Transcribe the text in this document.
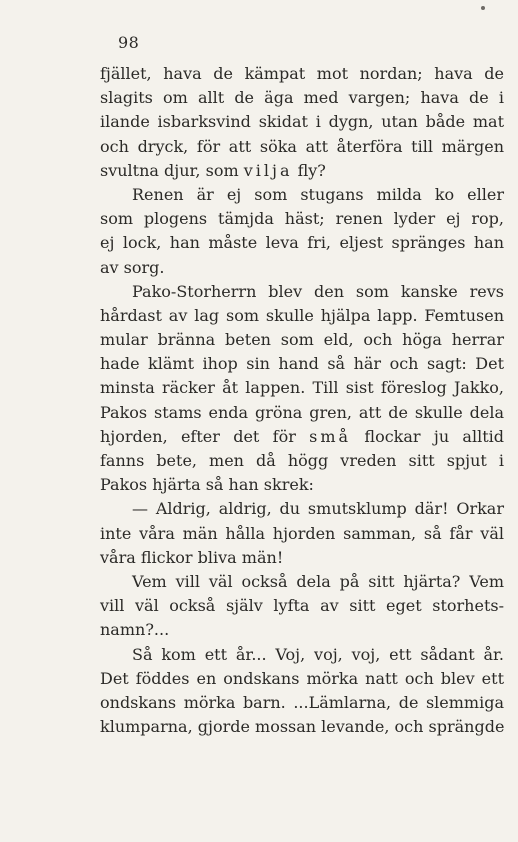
98
fjället, hava de kämpat mot nordan; hava de
slagits om allt de äga med vargen; hava de i
ilande isbarksvind skidat i dygn, utan både mat
och dryck, för att söka att återföra till märgen
svultna djur, som vilja fly?
Renen är ej som stugans milda ko eller
som plogens tämjda häst; renen lyder ej rop,
ej lock, han måste leva fri, eljest spränges han
av sorg.
Pako-Storherrn blev den som kanske revs
hårdast av lag som skulle hjälpa lapp. Femtusen
mular bränna beten som eld, och höga herrar
hade klämt ihop sin hand så här och sagt: Det
minsta räcker åt lappen. Till sist föreslog Jakko,
Pakos stams enda gröna gren, att de skulle dela
hjorden, efter det för små flockar ju alltid
fanns bete, men då högg vreden sitt spjut i
Pakos hjärta så han skrek:
— Aldrig, aldrig, du smutsklump där! Orkar
inte våra män hålla hjorden samman, så får väl
våra flickor bliva män!
Vem vill väl också dela på sitt hjärta? Vem
vill väl också själv lyfta av sitt eget storhets-
namn?...
Så kom ett år... Voj, voj, voj, ett sådant år.
Det föddes en ondskans mörka natt och blev ett
ondskans mörka barn. ...Lämlarna, de slemmiga
klumparna, gjorde mossan levande, och sprängde
